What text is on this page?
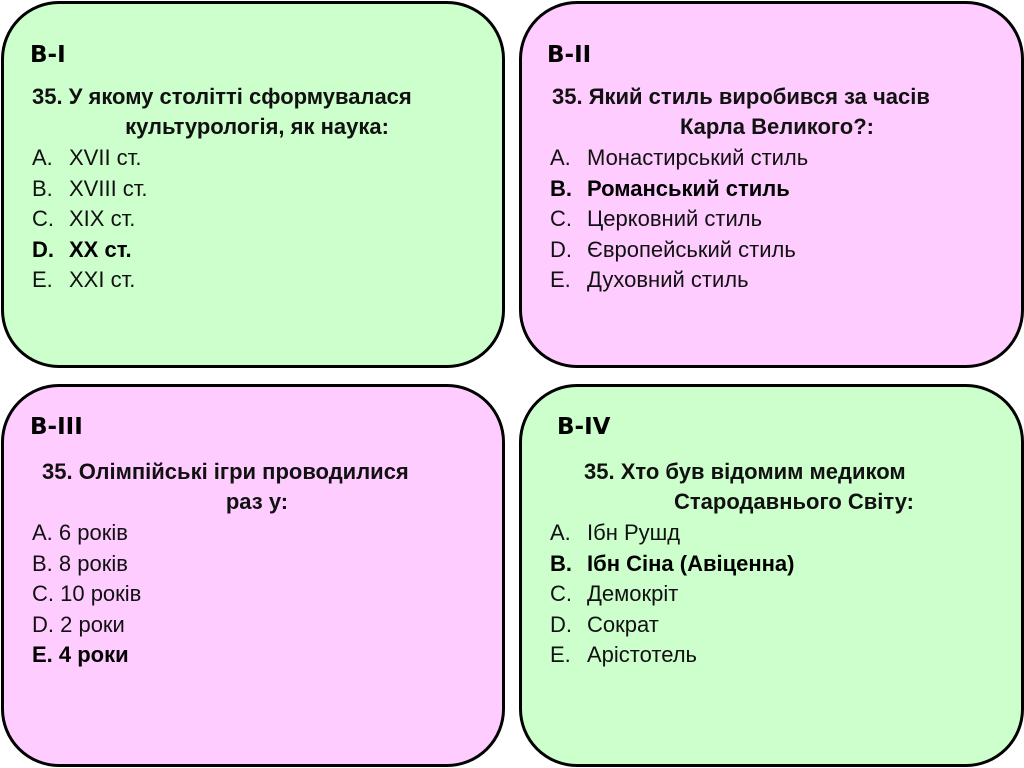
В-І
35. У якому столітті сформувалася
культурологія, як наука:
A. XVII ст.
B. XVIII ст.
C. XIX ст.
D. XX ст.
E. XXI ст.
В-ІІ
35. Який стиль виробився за часів
Карла Великого?:
A. Монастирський стиль
B. Романський стиль
C. Церковний стиль
D. Європейський стиль
E. Духовний стиль
В-ІІІ
35. Олімпійські ігри проводилися
раз у:
A. 6 років
B. 8 років
C. 10 років
D. 2 роки
E. 4 роки
В-ІV
35. Хто був відомим медиком
Стародавнього Світу:
A. Ібн Рушд
B. Ібн Сіна (Авіценна)
C. Демокріт
D. Сократ
E. Арістотель
